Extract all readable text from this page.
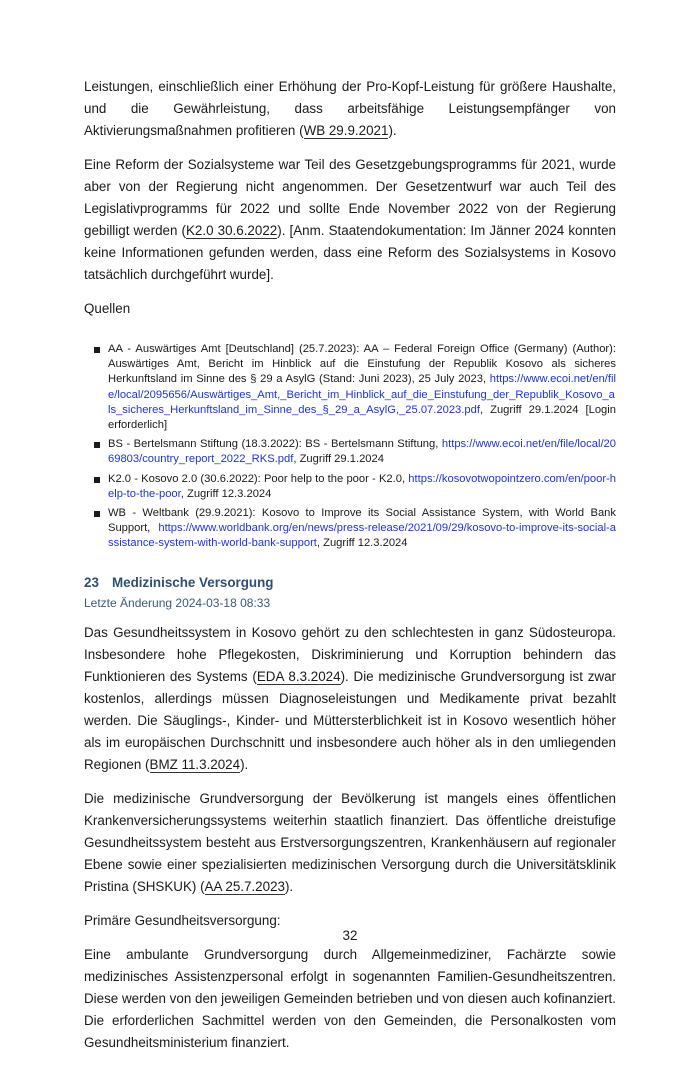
Leistungen, einschließlich einer Erhöhung der Pro-Kopf-Leistung für größere Haushalte, und die Gewährleistung, dass arbeitsfähige Leistungsempfänger von Aktivierungsmaßnahmen profitieren (WB 29.9.2021).

Eine Reform der Sozialsysteme war Teil des Gesetzgebungsprogramms für 2021, wurde aber von der Regierung nicht angenommen. Der Gesetzentwurf war auch Teil des Legislativprogramms für 2022 und sollte Ende November 2022 von der Regierung gebilligt werden (K2.0 30.6.2022). [Anm. Staatendokumentation: Im Jänner 2024 konnten keine Informationen gefunden werden, dass eine Reform des Sozialsystems in Kosovo tatsächlich durchgeführt wurde].

Quellen
AA - Auswärtiges Amt [Deutschland] (25.7.2023): AA – Federal Foreign Office (Germany) (Author): Auswärtiges Amt, Bericht im Hinblick auf die Einstufung der Republik Kosovo als sicheres Herkunftsland im Sinne des § 29 a AsylG (Stand: Juni 2023), 25 July 2023, https://www.ecoi.net/en/file/local/2095656/Auswärtiges_Amt,_Bericht_im_Hinblick_auf_die_Einstufung_der_Republik_Kosovo_als_sicheres_Herkunftsland_im_Sinne_des_§_29_a_AsylG,_25.07.2023.pdf, Zugriff 29.1.2024 [Login erforderlich]
BS - Bertelsmann Stiftung (18.3.2022): BS - Bertelsmann Stiftung, https://www.ecoi.net/en/file/local/2069803/country_report_2022_RKS.pdf, Zugriff 29.1.2024
K2.0 - Kosovo 2.0 (30.6.2022): Poor help to the poor - K2.0, https://kosovotwopointzero.com/en/poor-help-to-the-poor, Zugriff 12.3.2024
WB - Weltbank (29.9.2021): Kosovo to Improve its Social Assistance System, with World Bank Support, https://www.worldbank.org/en/news/press-release/2021/09/29/kosovo-to-improve-its-social-assistance-system-with-world-bank-support, Zugriff 12.3.2024
23 Medizinische Versorgung
Letzte Änderung 2024-03-18 08:33

Das Gesundheitssystem in Kosovo gehört zu den schlechtesten in ganz Südosteuropa. Insbesondere hohe Pflegekosten, Diskriminierung und Korruption behindern das Funktionieren des Systems (EDA 8.3.2024). Die medizinische Grundversorgung ist zwar kostenlos, allerdings müssen Diagnoseleistungen und Medikamente privat bezahlt werden. Die Säuglings-, Kinder- und Müttersterblichkeit ist in Kosovo wesentlich höher als im europäischen Durchschnitt und insbesondere auch höher als in den umliegenden Regionen (BMZ 11.3.2024).

Die medizinische Grundversorgung der Bevölkerung ist mangels eines öffentlichen Krankenversicherungssystems weiterhin staatlich finanziert. Das öffentliche dreistufige Gesundheitssystem besteht aus Erstversorgungszentren, Krankenhäusern auf regionaler Ebene sowie einer spezialisierten medizinischen Versorgung durch die Universitätsklinik Pristina (SHSKUK) (AA 25.7.2023).

Primäre Gesundheitsversorgung:

Eine ambulante Grundversorgung durch Allgemeinmediziner, Fachärzte sowie medizinisches Assistenzpersonal erfolgt in sogenannten Familien-Gesundheitszentren. Diese werden von den jeweiligen Gemeinden betrieben und von diesen auch kofinanziert. Die erforderlichen Sachmittel werden von den Gemeinden, die Personalkosten vom Gesundheitsministerium finanziert.

32
